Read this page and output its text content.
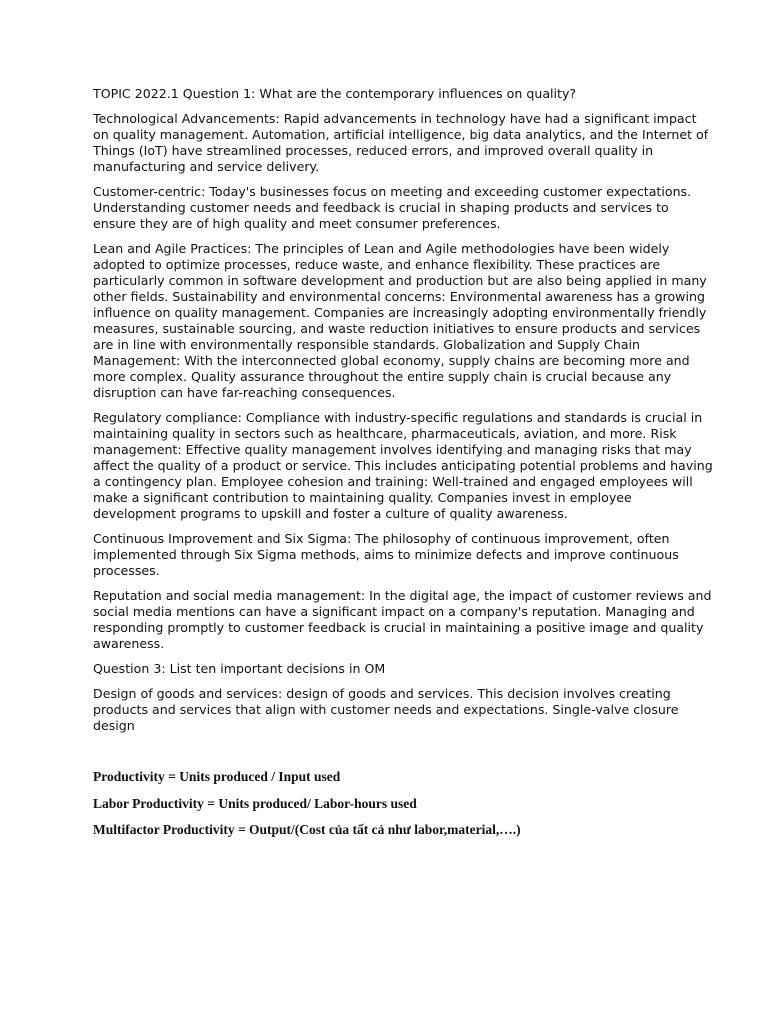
TOPIC 2022.1 Question 1: What are the contemporary influences on quality?

Technological Advancements: Rapid advancements in technology have had a significant impact on quality management. Automation, artificial intelligence, big data analytics, and the Internet of Things (IoT) have streamlined processes, reduced errors, and improved overall quality in manufacturing and service delivery.

Customer-centric: Today's businesses focus on meeting and exceeding customer expectations. Understanding customer needs and feedback is crucial in shaping products and services to ensure they are of high quality and meet consumer preferences.

Lean and Agile Practices: The principles of Lean and Agile methodologies have been widely adopted to optimize processes, reduce waste, and enhance flexibility. These practices are particularly common in software development and production but are also being applied in many other fields. Sustainability and environmental concerns: Environmental awareness has a growing influence on quality management. Companies are increasingly adopting environmentally friendly measures, sustainable sourcing, and waste reduction initiatives to ensure products and services are in line with environmentally responsible standards. Globalization and Supply Chain Management: With the interconnected global economy, supply chains are becoming more and more complex. Quality assurance throughout the entire supply chain is crucial because any disruption can have far-reaching consequences.

Regulatory compliance: Compliance with industry-specific regulations and standards is crucial in maintaining quality in sectors such as healthcare, pharmaceuticals, aviation, and more. Risk management: Effective quality management involves identifying and managing risks that may affect the quality of a product or service. This includes anticipating potential problems and having a contingency plan. Employee cohesion and training: Well-trained and engaged employees will make a significant contribution to maintaining quality. Companies invest in employee development programs to upskill and foster a culture of quality awareness.

Continuous Improvement and Six Sigma: The philosophy of continuous improvement, often implemented through Six Sigma methods, aims to minimize defects and improve continuous processes.

Reputation and social media management: In the digital age, the impact of customer reviews and social media mentions can have a significant impact on a company's reputation. Managing and responding promptly to customer feedback is crucial in maintaining a positive image and quality awareness.

Question 3: List ten important decisions in OM

Design of goods and services: design of goods and services. This decision involves creating products and services that align with customer needs and expectations. Single-valve closure design

Productivity = Units produced / Input used

Labor Productivity = Units produced/ Labor-hours used

Multifactor Productivity = Output/(Cost của tất cả như labor,material,….)
